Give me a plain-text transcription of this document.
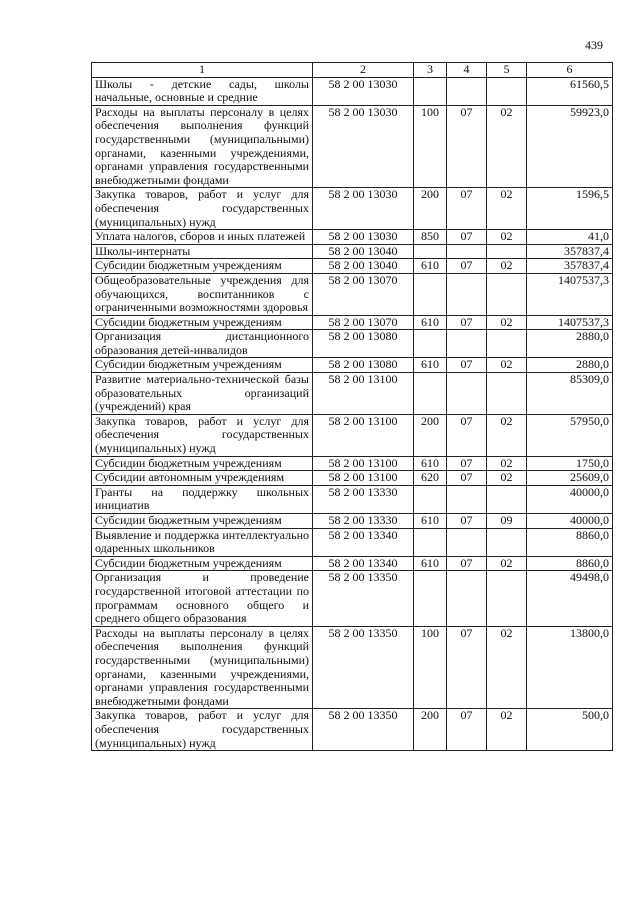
439
1	2	3	4	5	6
Школы - детские сады, школы начальные, основные и средние	58 2 00 13030				61560,5
Расходы на выплаты персоналу в целях обеспечения выполнения функций государственными (муниципальными) органами, казенными учреждениями, органами управления государственными внебюджетными фондами	58 2 00 13030	100	07	02	59923,0
Закупка товаров, работ и услуг для обеспечения государственных (муниципальных) нужд	58 2 00 13030	200	07	02	1596,5
Уплата налогов, сборов и иных платежей	58 2 00 13030	850	07	02	41,0
Школы-интернаты	58 2 00 13040				357837,4
Субсидии бюджетным учреждениям	58 2 00 13040	610	07	02	357837,4
Общеобразовательные учреждения для обучающихся, воспитанников с ограниченными возможностями здоровья	58 2 00 13070				1407537,3
Субсидии бюджетным учреждениям	58 2 00 13070	610	07	02	1407537,3
Организация дистанционного образования детей-инвалидов	58 2 00 13080				2880,0
Субсидии бюджетным учреждениям	58 2 00 13080	610	07	02	2880,0
Развитие материально-технической базы образовательных организаций (учреждений) края	58 2 00 13100				85309,0
Закупка товаров, работ и услуг для обеспечения государственных (муниципальных) нужд	58 2 00 13100	200	07	02	57950,0
Субсидии бюджетным учреждениям	58 2 00 13100	610	07	02	1750,0
Субсидии автономным учреждениям	58 2 00 13100	620	07	02	25609,0
Гранты на поддержку школьных инициатив	58 2 00 13330				40000,0
Субсидии бюджетным учреждениям	58 2 00 13330	610	07	09	40000,0
Выявление и поддержка интеллектуально одаренных школьников	58 2 00 13340				8860,0
Субсидии бюджетным учреждениям	58 2 00 13340	610	07	02	8860,0
Организация и проведение государственной итоговой аттестации по программам основного общего и среднего общего образования	58 2 00 13350				49498,0
Расходы на выплаты персоналу в целях обеспечения выполнения функций государственными (муниципальными) органами, казенными учреждениями, органами управления государственными внебюджетными фондами	58 2 00 13350	100	07	02	13800,0
Закупка товаров, работ и услуг для обеспечения государственных (муниципальных) нужд	58 2 00 13350	200	07	02	500,0
